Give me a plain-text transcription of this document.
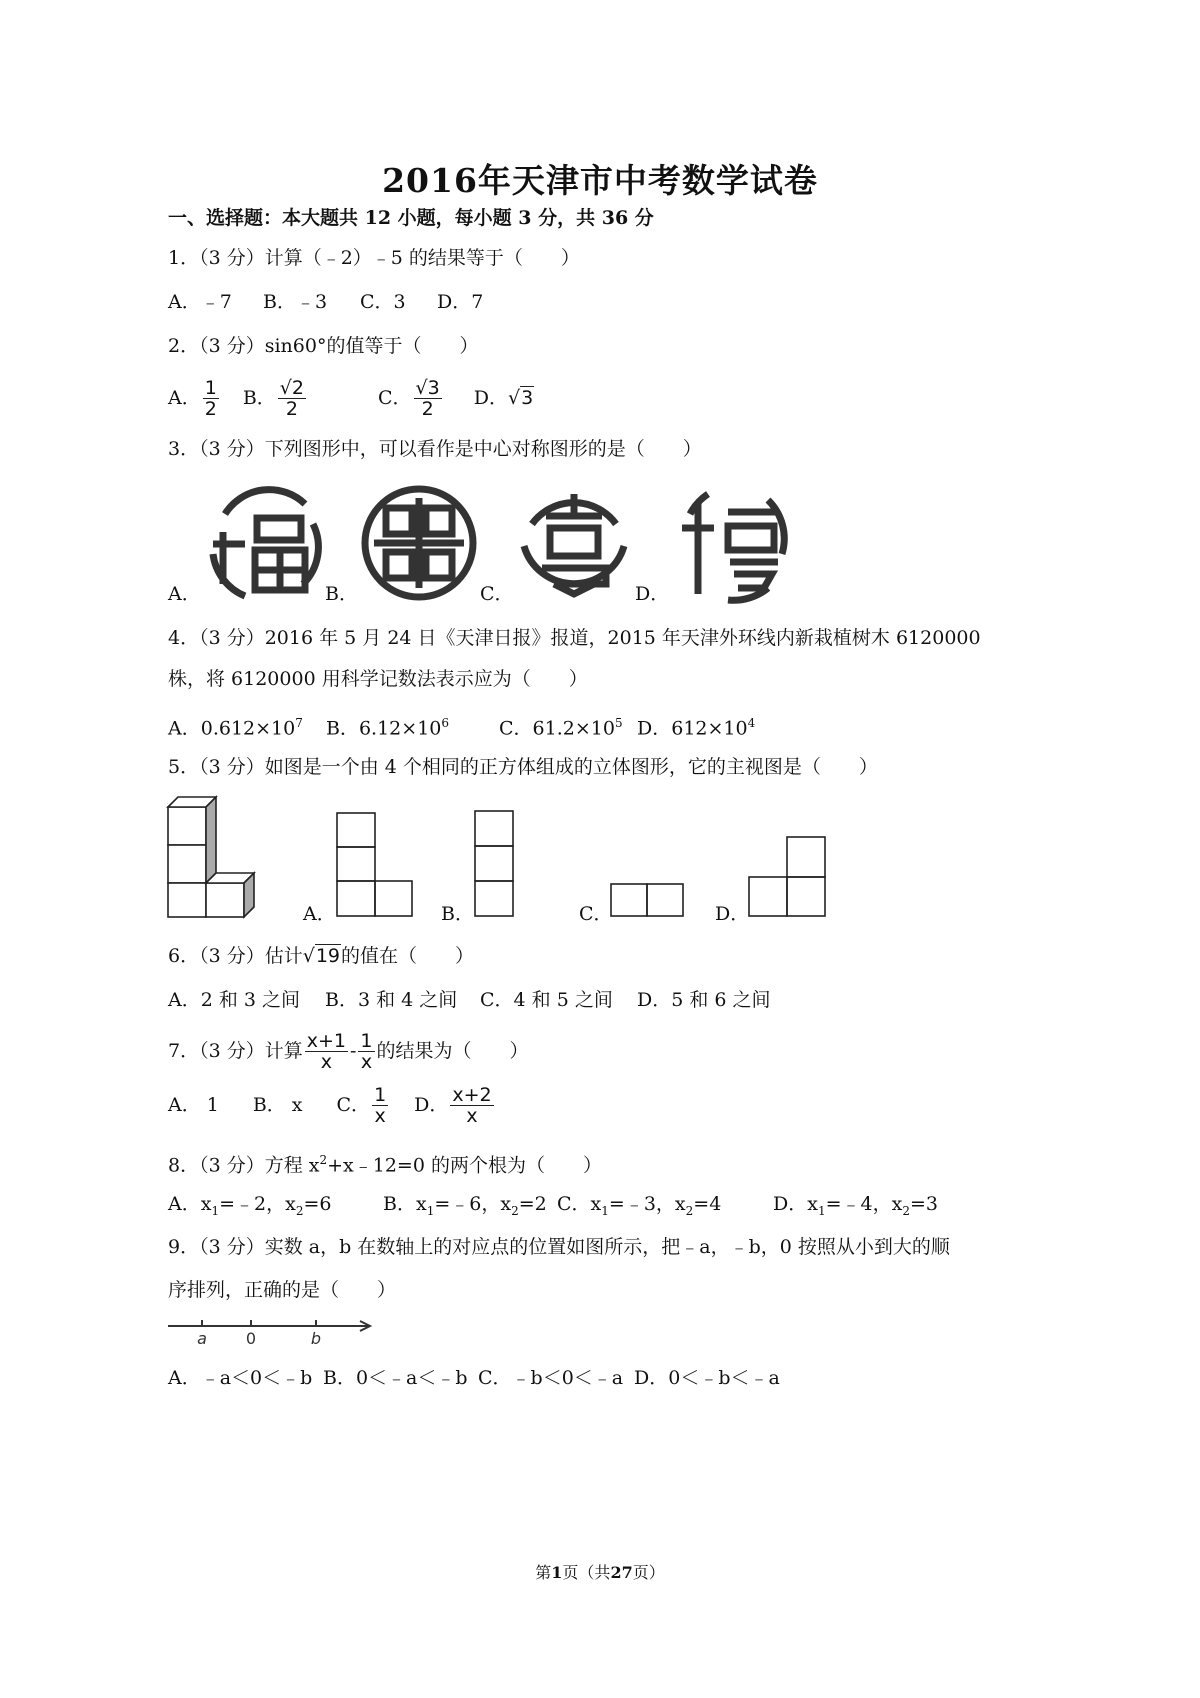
2016年天津市中考数学试卷
一、选择题：本大题共 12 小题，每小题 3 分，共 36 分
1．（3 分）计算（﹣2）﹣5 的结果等于（　　）
A．﹣7 B．﹣3 C．3 D．7
2．（3 分）sin60°的值等于（　　）
A． $\frac{1}{2}$ B． $\frac{√2}{2}$	C． $\frac{√3}{2}$ D． √3
3．（3 分）下列图形中，可以看作是中心对称图形的是（　　）
A．	B．	C．	D．
4．（3 分）2016 年 5 月 24 日《天津日报》报道，2015 年天津外环线内新栽植树木 6120000
株，将 6120000 用科学记数法表示应为（　　）
A．$0.612\times 10^7$ B．$6.12\times 10^6$	C．$61.2\times 10^5$ D．$612\times 10^4$
5．（3 分）如图是一个由 4 个相同的正方体组成的立体图形，它的主视图是（　　）
A．	B．	C．	D．
6．（3 分）估计√19的值在（　　）
A．2 和 3 之间 B．3 和 4 之间 C．4 和 5 之间 D．5 和 6 之间
7．（3 分）计算 $\frac{x+1}{x} - \frac{1}{x}$ 的结果为（　　）
A． 1 B． x C． $\frac{1}{x}$ D． $\frac{x+2}{x}$
8．（3 分）方程 $x^2+x﹣12=0$ 的两个根为（　　）
A．$x_1=﹣2$，$x_2=6$	B．$x_1=﹣6$，$x_2=2$ C．$x_1=﹣3$，$x_2=4$	D．$x_1=﹣4$，$x_2=3$
9．（3 分）实数 a，b 在数轴上的对应点的位置如图所示，把﹣a，﹣b，0 按照从小到大的顺
序排列，正确的是（　　）
a 0	b
A．﹣a＜0＜﹣b B．0＜﹣a＜﹣b C．﹣b＜0＜﹣a D．0＜﹣b＜﹣a
第1页（共27页）
